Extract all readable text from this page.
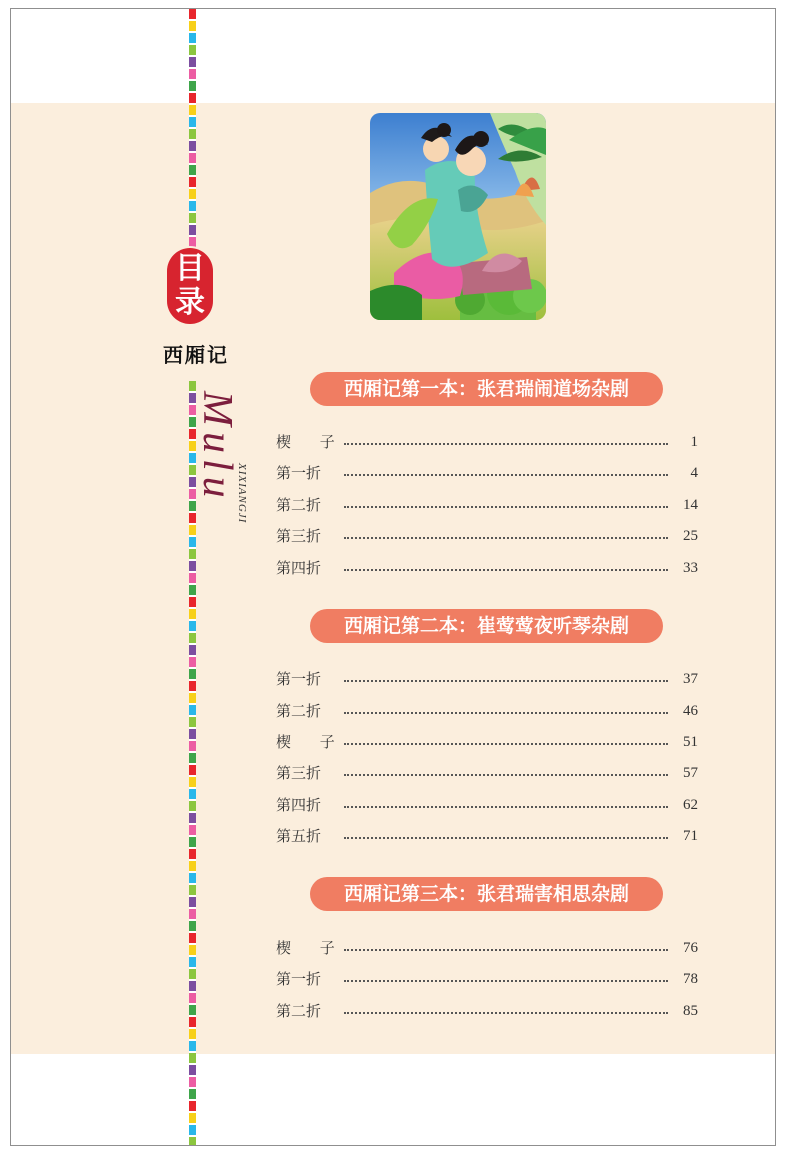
目
录
西厢记
Mulu
XIXIANGJI
西厢记第一本：张君瑞闹道场杂剧
楔 子	1
第一折	4
第二折	14
第三折	25
第四折	33
西厢记第二本：崔莺莺夜听琴杂剧
第一折	37
第二折	46
楔 子	51
第三折	57
第四折	62
第五折	71
西厢记第三本：张君瑞害相思杂剧
楔 子	76
第一折	78
第二折	85
